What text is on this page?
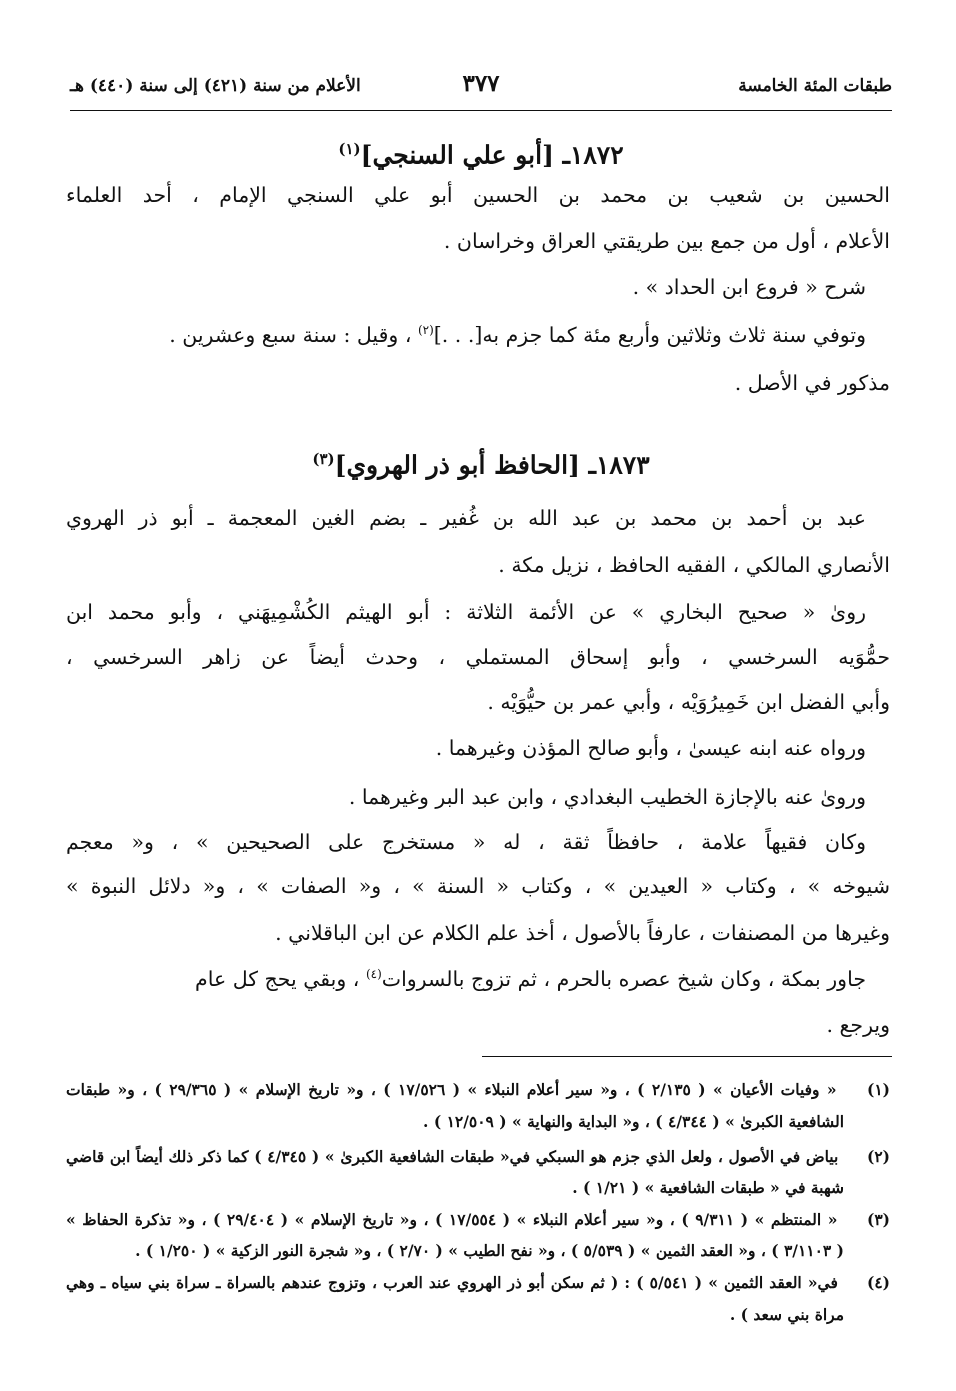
طبقات المئة الخامسة
٣٧٧
الأعلام من سنة (٤٢١) إلى سنة (٤٤٠) هـ
١٨٧٢ـ [أبو علي السنجي]$^{(١)}$
الحسين بن شعيب بن محمد بن الحسين أبو علي السنجي الإمام ، أحد العلماء
الأعلام ، أول من جمع بين طريقتي العراق وخراسان .
شرح « فروع ابن الحداد » .
وتوفي سنة ثلاث وثلاثين وأربع مئة كما جزم به[. . .]$^{(٢)}$ ، وقيل : سنة سبع وعشرين .
مذكور في الأصل .
١٨٧٣ـ [الحافظ أبو ذر الهروي]$^{(٣)}$
عبد بن أحمد بن محمد بن عبد الله بن غُفير ـ بضم الغين المعجمة ـ أبو ذر الهروي
الأنصاري المالكي ، الفقيه الحافظ ، نزيل مكة .
روىٰ « صحيح البخاري » عن الأئمة الثلاثة : أبو الهيثم الكُشْمِيهَني ، وأبو محمد ابن
حمُّوَيه السرخسي ، وأبو إسحاق المستملي ، وحدث أيضاً عن زاهر السرخسي ،
وأبي الفضل ابن خَمِيرُوَيْه ، وأبي عمر بن حيُّوَيْه .
ورواه عنه ابنه عيسىٰ ، وأبو صالح المؤذن وغيرهما .
وروىٰ عنه بالإجازة الخطيب البغدادي ، وابن عبد البر وغيرهما .
وكان فقيهاً علامة ، حافظاً ثقة ، له « مستخرج على الصحيحين » ، و« معجم
شيوخه » ، وكتاب « العيدين » ، وكتاب « السنة » ، و« الصفات » ، و« دلائل النبوة »
وغيرها من المصنفات ، عارفاً بالأصول ، أخذ علم الكلام عن ابن الباقلاني .
جاور بمكة ، وكان شيخ عصره بالحرم ، ثم تزوج بالسروات$^{(٤)}$ ، وبقي يحج كل عام
ويرجع .
(١) « وفيات الأعيان » ( ٢/١٣٥ ) ، و« سير أعلام النبلاء » ( ١٧/٥٢٦ ) ، و« تاريخ الإسلام » ( ٢٩/٣٦٥ ) ، و« طبقات
الشافعية الكبرىٰ » ( ٤/٣٤٤ ) ، و« البداية والنهاية » ( ١٢/٥٠٩ ) .
(٢) بياض في الأصول ، ولعل الذي جزم هو السبكي في« طبقات الشافعية الكبرىٰ » ( ٤/٣٤٥ ) كما ذكر ذلك أيضاً ابن قاضي
شهبة في « طبقات الشافعية » ( ١/٢١ ) .
(٣) « المنتظم » ( ٩/٣١١ ) ، و« سير أعلام النبلاء » ( ١٧/٥٥٤ ) ، و« تاريخ الإسلام » ( ٢٩/٤٠٤ ) ، و« تذكرة الحفاظ »
( ٣/١١٠٣ ) ، و« العقد الثمين » ( ٥/٥٣٩ ) ، و« نفح الطيب » ( ٢/٧٠ ) ، و« شجرة النور الزكية » ( ١/٢٥٠ ) .
(٤) في« العقد الثمين » ( ٥/٥٤١ ) : ( ثم سكن أبو ذر الهروي عند العرب ، وتزوج عندهم بالسراة ـ سراة بني سياه ـ وهي
مراة بني سعد ) .
